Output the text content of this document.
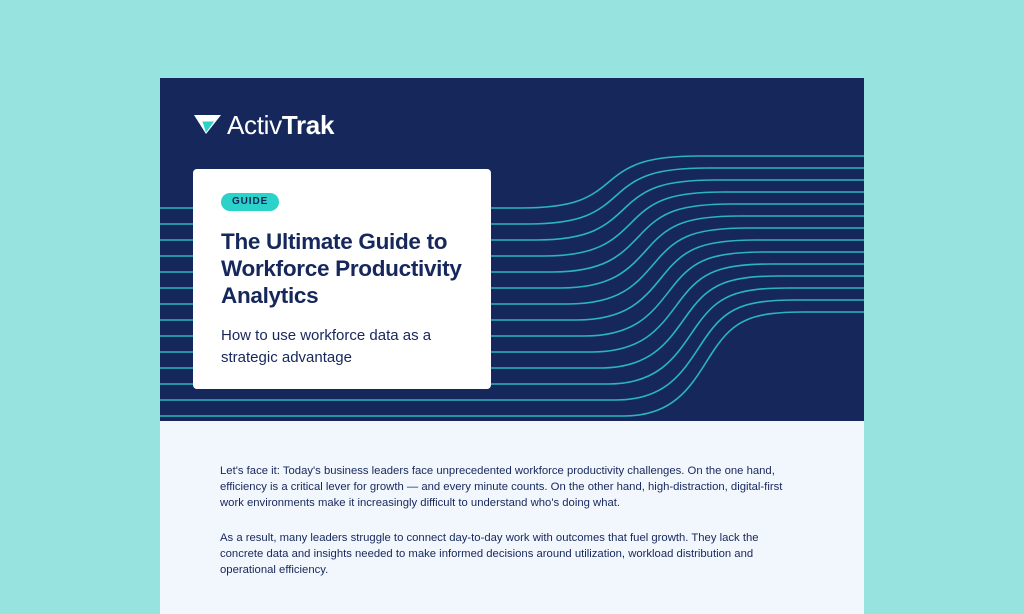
ActivTrak
GUIDE
The Ultimate Guide to Workforce Productivity Analytics

How to use workforce data as a strategic advantage

Let's face it: Today's business leaders face unprecedented workforce productivity challenges. On the one hand, efficiency is a critical lever for growth — and every minute counts. On the other hand, high-distraction, digital-first work environments make it increasingly difficult to understand who's doing what.

As a result, many leaders struggle to connect day-to-day work with outcomes that fuel growth. They lack the concrete data and insights needed to make informed decisions around utilization, workload distribution and operational efficiency.
